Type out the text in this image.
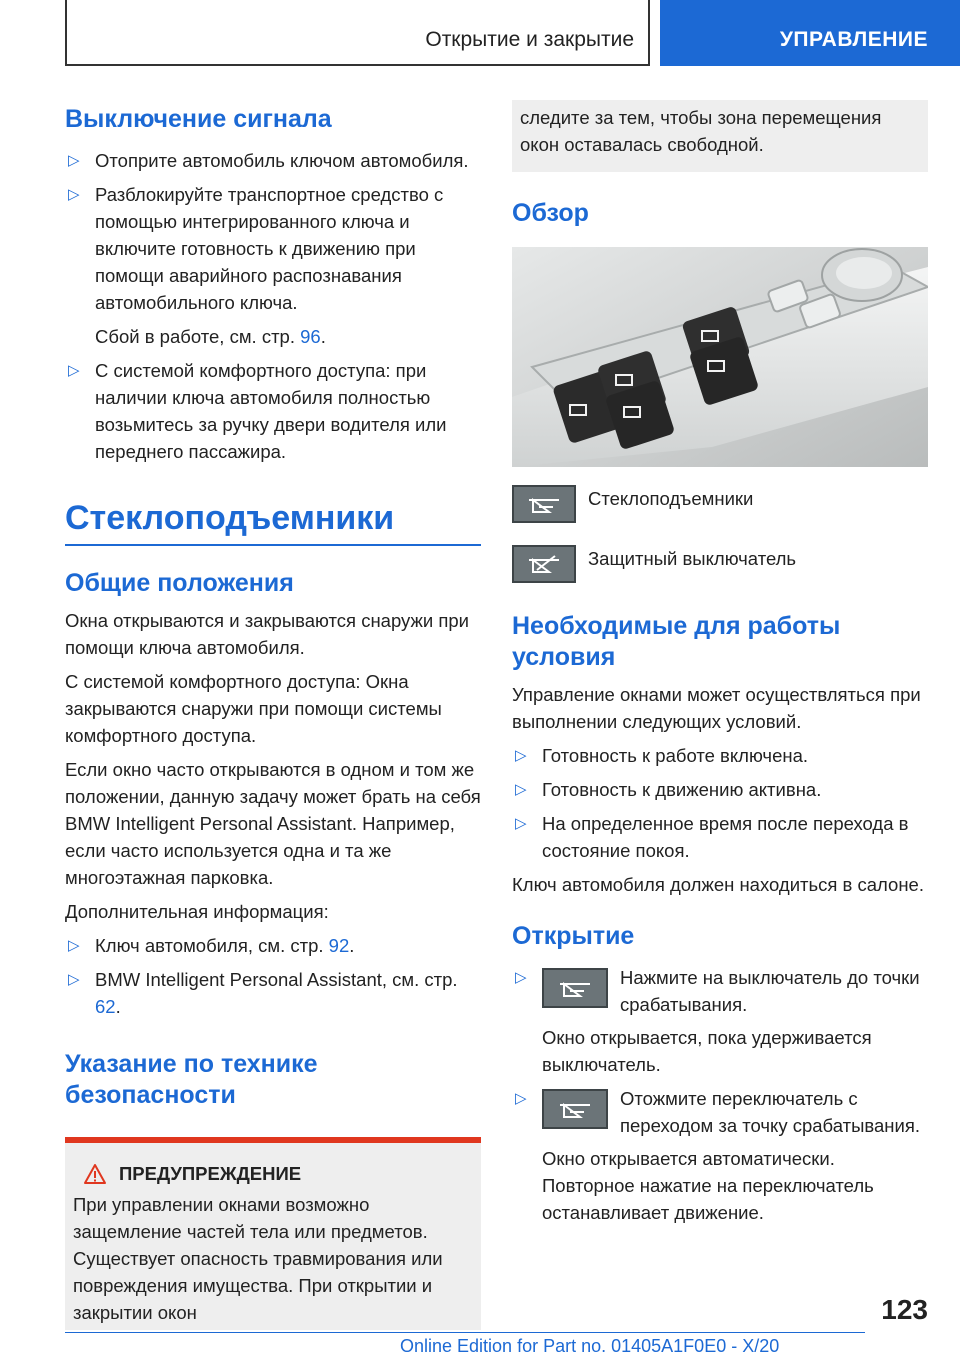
Открытие и закрытие	УПРАВЛЕНИЕ
Выключение сигнала
▷ Отоприте автомобиль ключом автомобиля.
▷ Разблокируйте транспортное средство с помощью интегрированного ключа и включите готовность к движению при помощи аварийного распознавания автомобильного ключа.
Сбой в работе, см. стр. 96.
▷ С системой комфортного доступа: при наличии ключа автомобиля полностью возьмитесь за ручку двери водителя или переднего пассажира.
Стеклоподъемники
Общие положения

Окна открываются и закрываются снаружи при помощи ключа автомобиля.

С системой комфортного доступа: Окна закрываются снаружи при помощи системы комфортного доступа.

Если окно часто открываются в одном и том же положении, данную задачу может брать на себя BMW Intelligent Personal Assistant. Например, если часто используется одна и та же многоэтажная парковка.

Дополнительная информация:

▷ Ключ автомобиля, см. стр. 92.
▷ BMW Intelligent Personal Assistant, см. стр. 62.
Указание по технике безопасности
ПРЕДУПРЕЖДЕНИЕ
При управлении окнами возможно защемление частей тела или предметов. Существует опасность травмирования или повреждения имущества. При открытии и закрытии окон
следите за тем, чтобы зона перемещения окон оставалась свободной.
Обзор
Стеклоподъемники
Защитный выключатель
Необходимые для работы условия

Управление окнами может осуществляться при выполнении следующих условий.

▷ Готовность к работе включена.
▷ Готовность к движению активна.
▷ На определенное время после перехода в состояние покоя.

Ключ автомобиля должен находиться в салоне.

Открытие
▷	Нажмите на выключатель до точки срабатывания.
Окно открывается, пока удерживается выключатель.
▷	Отожмите переключатель с переходом за точку срабатывания.
Окно открывается автоматически. Повторное нажатие на переключатель останавливает движение.
123
Online Edition for Part no. 01405A1F0E0 - X/20
